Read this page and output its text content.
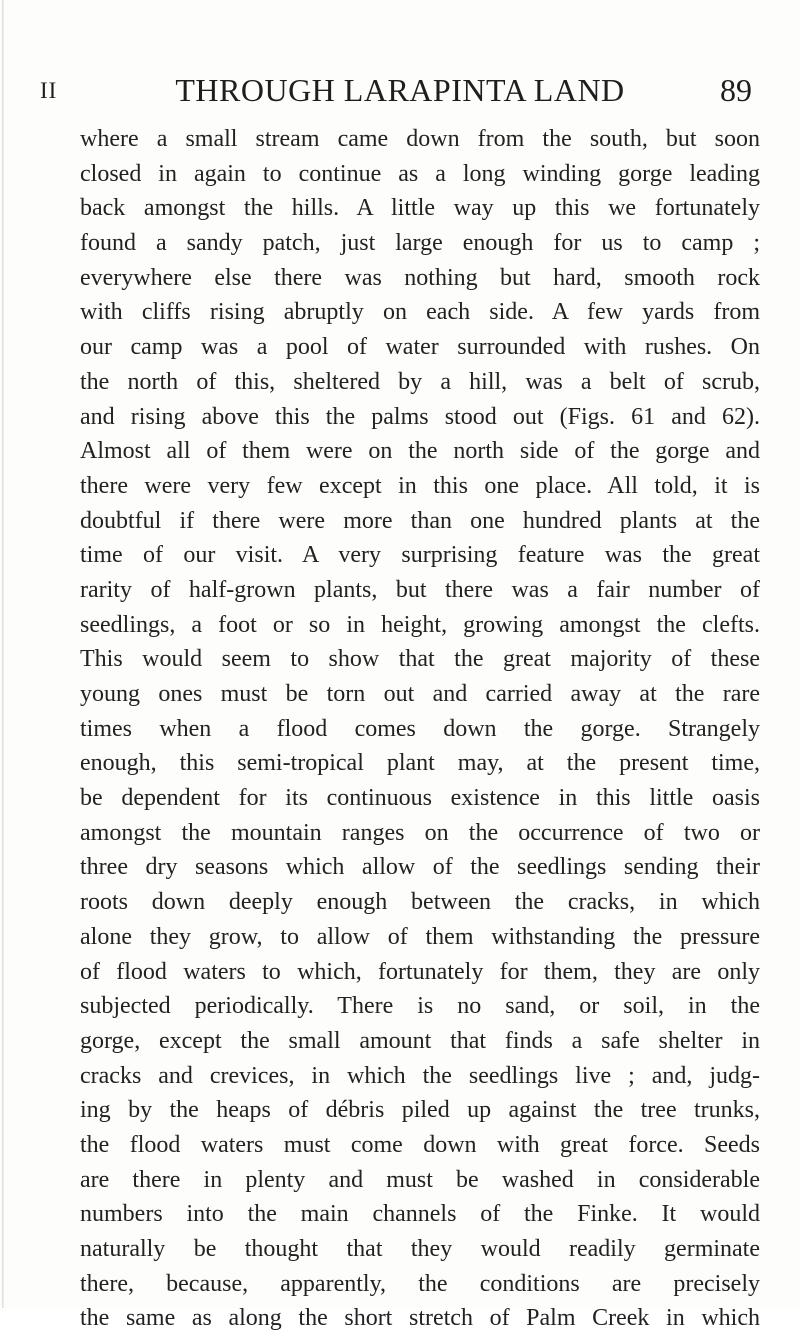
II	THROUGH LARAPINTA LAND	89
where a small stream came down from the south, but soon
closed in again to continue as a long winding gorge leading
back amongst the hills. A little way up this we fortunately
found a sandy patch, just large enough for us to camp ;
everywhere else there was nothing but hard, smooth rock
with cliffs rising abruptly on each side. A few yards from
our camp was a pool of water surrounded with rushes. On
the north of this, sheltered by a hill, was a belt of scrub,
and rising above this the palms stood out (Figs. 61 and 62).
Almost all of them were on the north side of the gorge and
there were very few except in this one place. All told, it is
doubtful if there were more than one hundred plants at the
time of our visit. A very surprising feature was the great
rarity of half-grown plants, but there was a fair number of
seedlings, a foot or so in height, growing amongst the clefts.
This would seem to show that the great majority of these
young ones must be torn out and carried away at the rare
times when a flood comes down the gorge. Strangely
enough, this semi-tropical plant may, at the present time,
be dependent for its continuous existence in this little oasis
amongst the mountain ranges on the occurrence of two or
three dry seasons which allow of the seedlings sending their
roots down deeply enough between the cracks, in which
alone they grow, to allow of them withstanding the pressure
of flood waters to which, fortunately for them, they are only
subjected periodically. There is no sand, or soil, in the
gorge, except the small amount that finds a safe shelter in
cracks and crevices, in which the seedlings live ; and, judg-
ing by the heaps of débris piled up against the tree trunks,
the flood waters must come down with great force. Seeds
are there in plenty and must be washed in considerable
numbers into the main channels of the Finke. It would
naturally be thought that they would readily germinate
there, because, apparently, the conditions are precisely
the same as along the short stretch of Palm Creek in which
